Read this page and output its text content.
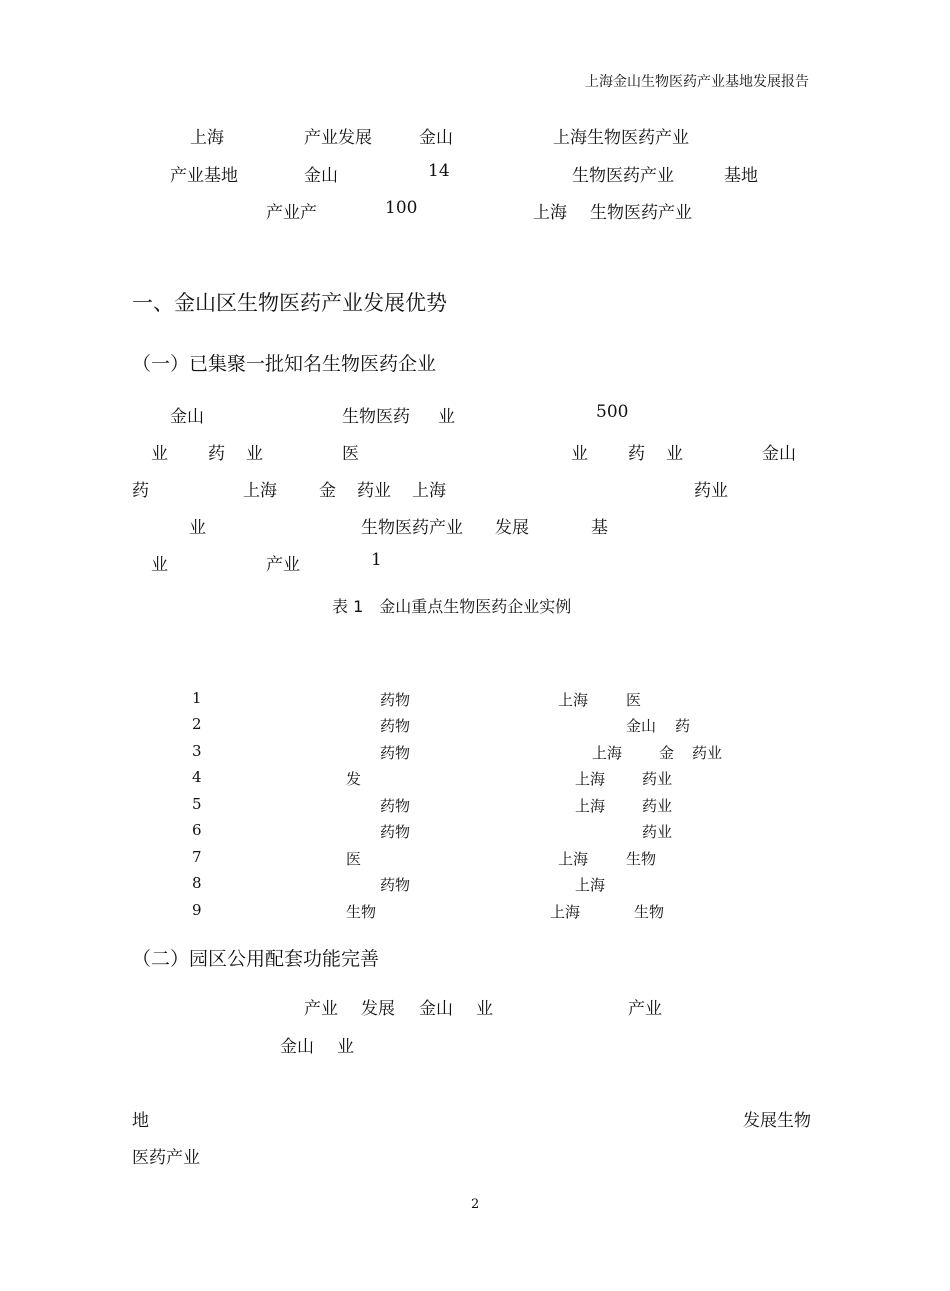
上海金山生物医药产业基地发展报告
上海	产业发展	金山	上海生物医药产业
产业基地	金山	14	生物医药产业	基地
产业产	100	上海 生物医药产业
一、金山区生物医药产业发展优势
（一）已集聚一批知名生物医药企业
金山	生物医药 业	500
业 药 业	医	业 药 业	金山
药	上海 金 药业 上海	药业
业	生物医药产业 发展	基
业	产业	1
表 1　金山重点生物医药企业实例
1	药物	上海	医
2	药物	金山 药
3	药物	上海 金 药业
4	发	上海 药业
5	药物	上海 药业
6	药物	药业
7	医	上海	生物
8	药物	上海
9	生物	上海	生物
（二）园区公用配套功能完善
产业 发展 金山 业	产业
金山 业
地	发展生物
医药产业
2
